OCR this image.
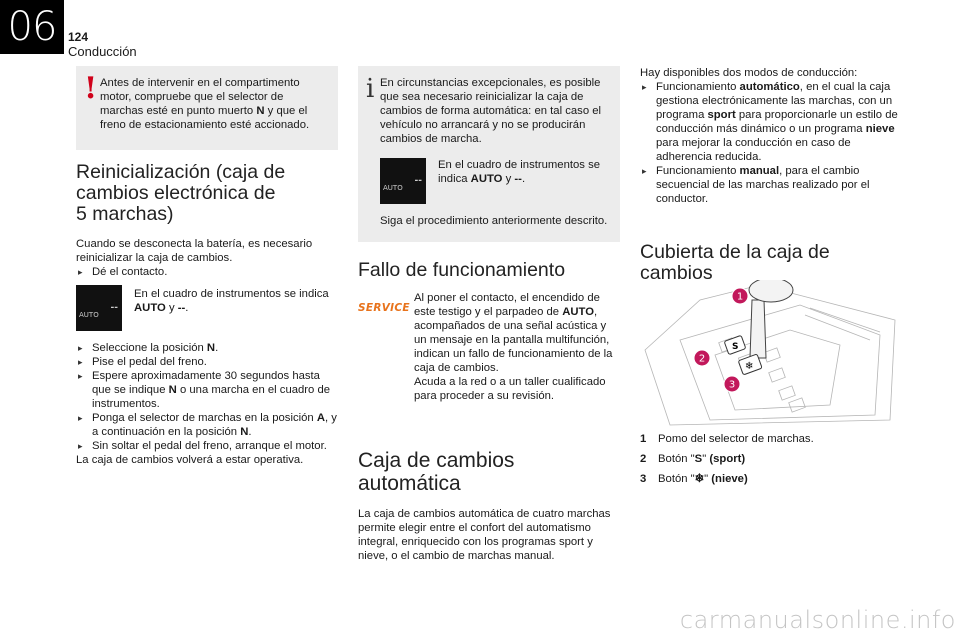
06 124
Conducción
! Antes de intervenir en el compartimento motor, compruebe que el selector de marchas esté en punto muerto N y que el freno de estacionamiento esté accionado.

Reinicialización (caja de
cambios electrónica de
5 marchas)

Cuando se desconecta la batería, es necesario reinicializar la caja de cambios.

▸ Dé el contacto.
AUTO
--

En el cuadro de instrumentos se indica AUTO y --.

▸ Seleccione la posición N.
▸ Pise el pedal del freno.
▸ Espere aproximadamente 30 segundos hasta que se indique N o una marcha en el cuadro de instrumentos.
▸ Ponga el selector de marchas en la posición A, y a continuación en la posición N.
▸ Sin soltar el pedal del freno, arranque el motor.

La caja de cambios volverá a estar operativa.

i En circunstancias excepcionales, es posible que sea necesario reinicializar la caja de cambios de forma automática: en tal caso el vehículo no arrancará y no se producirán cambios de marcha.

AUTO
--

En el cuadro de instrumentos se indica AUTO y --.

Siga el procedimiento anteriormente descrito.

Fallo de funcionamiento
SERVICE

Al poner el contacto, el encendido de este testigo y el parpadeo de AUTO, acompañados de una señal acústica y un mensaje en la pantalla multifunción, indican un fallo de funcionamiento de la caja de cambios.

Acuda a la red o a un taller cualificado para proceder a su revisión.

Caja de cambios
automática

La caja de cambios automática de cuatro marchas permite elegir entre el confort del automatismo integral, enriquecido con los programas sport y nieve, o el cambio de marchas manual.

Hay disponibles dos modos de conducción:

▸ Funcionamiento automático, en el cual la caja gestiona electrónicamente las marchas, con un programa sport para proporcionarle un estilo de conducción más dinámico o un programa nieve para mejorar la conducción en caso de adherencia reducida.
▸ Funcionamiento manual, para el cambio secuencial de las marchas realizado por el conductor.
Cubierta de la caja de
cambios
S
❄
1
2
3
1	Pomo del selector de marchas.
2	Botón "S" (sport)
3	Botón "❄" (nieve)
carmanualsonline.info
